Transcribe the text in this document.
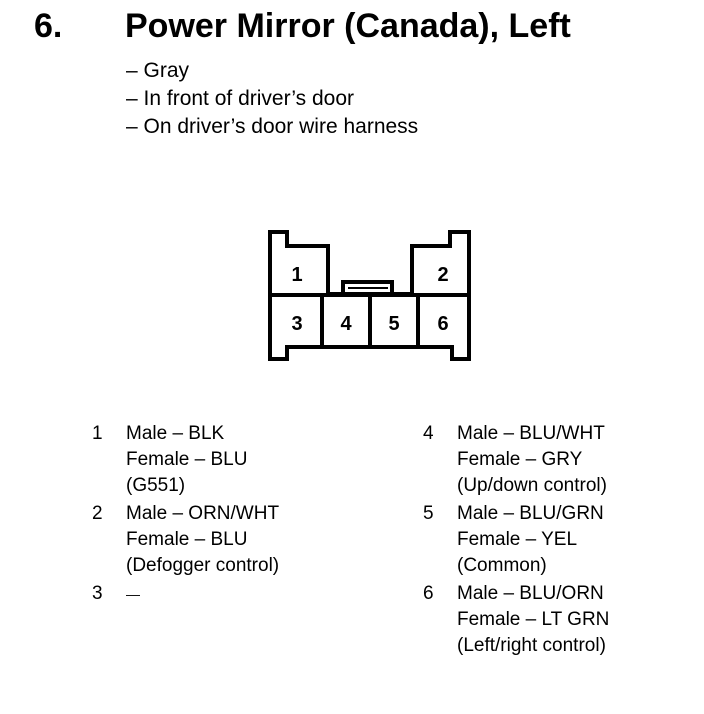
6. Power Mirror (Canada), Left
– Gray
– In front of driver’s door
– On driver’s door wire harness
1	2
3 4 5 6
1	Male – BLK
Female – BLU
(G551)
2	Male – ORN/WHT
Female – BLU
(Defogger control)
3	—
4	Male – BLU/WHT
Female – GRY
(Up/down control)
5	Male – BLU/GRN
Female – YEL
(Common)
6	Male – BLU/ORN
Female – LT GRN
(Left/right control)
